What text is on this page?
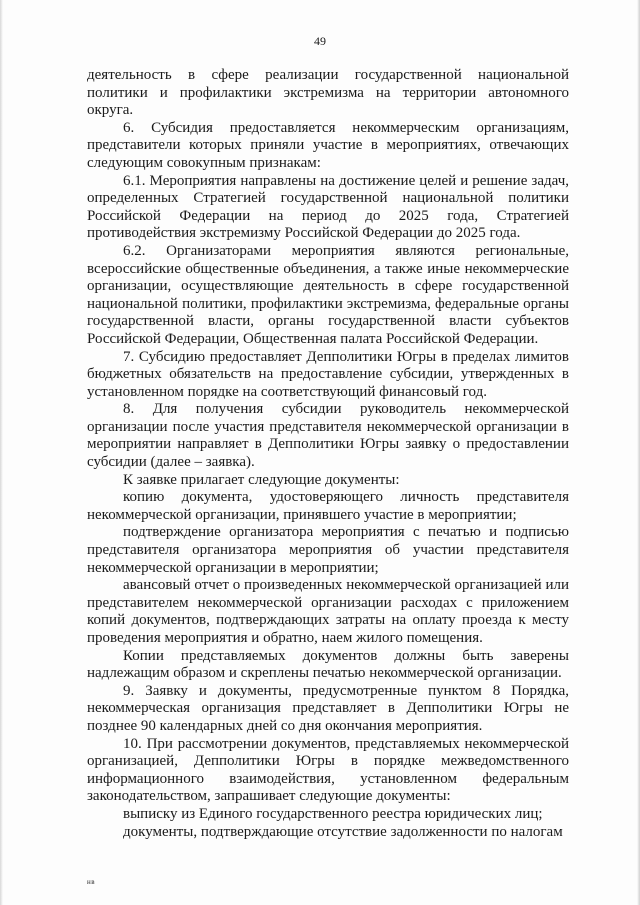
49

деятельность в сфере реализации государственной национальной политики и профилактики экстремизма на территории автономного округа.

6. Субсидия предоставляется некоммерческим организациям, представители которых приняли участие в мероприятиях, отвечающих следующим совокупным признакам:

6.1. Мероприятия направлены на достижение целей и решение задач, определенных Стратегией государственной национальной политики Российской Федерации на период до 2025 года, Стратегией противодействия экстремизму Российской Федерации до 2025 года.

6.2. Организаторами мероприятия являются региональные, всероссийские общественные объединения, а также иные некоммерческие организации, осуществляющие деятельность в сфере государственной национальной политики, профилактики экстремизма, федеральные органы государственной власти, органы государственной власти субъектов Российской Федерации, Общественная палата Российской Федерации.

7. Субсидию предоставляет Депполитики Югры в пределах лимитов бюджетных обязательств на предоставление субсидии, утвержденных в установленном порядке на соответствующий финансовый год.

8. Для получения субсидии руководитель некоммерческой организации после участия представителя некоммерческой организации в мероприятии направляет в Депполитики Югры заявку о предоставлении субсидии (далее – заявка).

К заявке прилагает следующие документы:

копию документа, удостоверяющего личность представителя некоммерческой организации, принявшего участие в мероприятии;

подтверждение организатора мероприятия с печатью и подписью представителя организатора мероприятия об участии представителя некоммерческой организации в мероприятии;

авансовый отчет о произведенных некоммерческой организацией или представителем некоммерческой организации расходах с приложением копий документов, подтверждающих затраты на оплату проезда к месту проведения мероприятия и обратно, наем жилого помещения.

Копии представляемых документов должны быть заверены надлежащим образом и скреплены печатью некоммерческой организации.

9. Заявку и документы, предусмотренные пунктом 8 Порядка, некоммерческая организация представляет в Депполитики Югры не позднее 90 календарных дней со дня окончания мероприятия.

10. При рассмотрении документов, представляемых некоммерческой организацией, Депполитики Югры в порядке межведомственного информационного взаимодействия, установленном федеральным законодательством, запрашивает следующие документы:

выписку из Единого государственного реестра юридических лиц;

документы, подтверждающие отсутствие задолженности по налогам

нв
